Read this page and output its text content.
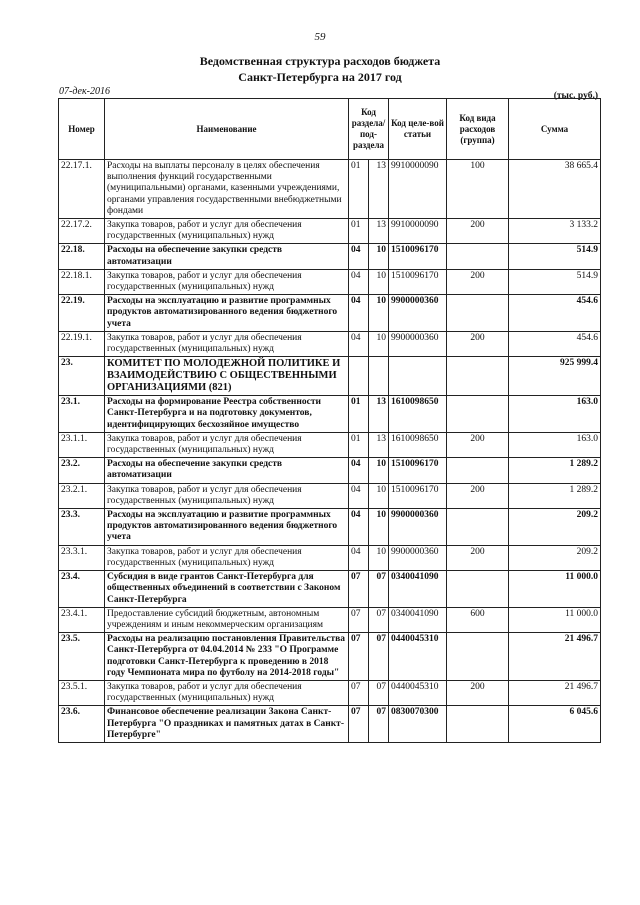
59
Ведомственная структура расходов бюджета
Санкт-Петербурга на 2017 год
07-дек-2016	(тыс. руб.)
Номер	Наименование	Код раздела/ под-раздела		Код целе-вой статьи	Код вида расходов (группа)	Сумма
22.17.1.	Расходы на выплаты персоналу в целях обеспечения выполнения функций государственными (муниципальными) органами, казенными учреждениями, органами управления государственными внебюджетными фондами	01	13	9910000090	100	38 665.4
22.17.2.	Закупка товаров, работ и услуг для обеспечения государственных (муниципальных) нужд	01	13	9910000090	200	3 133.2
22.18.	Расходы на обеспечение закупки средств автоматизации	04	10	1510096170		514.9
22.18.1.	Закупка товаров, работ и услуг для обеспечения государственных (муниципальных) нужд	04	10	1510096170	200	514.9
22.19.	Расходы на эксплуатацию и развитие программных продуктов автоматизированного ведения бюджетного учета	04	10	9900000360		454.6
22.19.1.	Закупка товаров, работ и услуг для обеспечения государственных (муниципальных) нужд	04	10	9900000360	200	454.6
23.	КОМИТЕТ ПО МОЛОДЕЖНОЙ ПОЛИТИКЕ И ВЗАИМОДЕЙСТВИЮ С ОБЩЕСТВЕННЫМИ ОРГАНИЗАЦИЯМИ (821)					925 999.4
23.1.	Расходы на формирование Реестра собственности Санкт-Петербурга и на подготовку документов, идентифицирующих бесхозяйное имущество	01	13	1610098650		163.0
23.1.1.	Закупка товаров, работ и услуг для обеспечения государственных (муниципальных) нужд	01	13	1610098650	200	163.0
23.2.	Расходы на обеспечение закупки средств автоматизации	04	10	1510096170		1 289.2
23.2.1.	Закупка товаров, работ и услуг для обеспечения государственных (муниципальных) нужд	04	10	1510096170	200	1 289.2
23.3.	Расходы на эксплуатацию и развитие программных продуктов автоматизированного ведения бюджетного учета	04	10	9900000360		209.2
23.3.1.	Закупка товаров, работ и услуг для обеспечения государственных (муниципальных) нужд	04	10	9900000360	200	209.2
23.4.	Субсидия в виде грантов Санкт-Петербурга для общественных объединений в соответствии с Законом Санкт-Петербурга	07	07	0340041090		11 000.0
23.4.1.	Предоставление субсидий бюджетным, автономным учреждениям и иным некоммерческим организациям	07	07	0340041090	600	11 000.0
23.5.	Расходы на реализацию постановления Правительства Санкт-Петербурга от 04.04.2014 № 233 "О Программе подготовки Санкт-Петербурга к проведению в 2018 году Чемпионата мира по футболу на 2014-2018 годы"	07	07	0440045310		21 496.7
23.5.1.	Закупка товаров, работ и услуг для обеспечения государственных (муниципальных) нужд	07	07	0440045310	200	21 496.7
23.6.	Финансовое обеспечение реализации Закона Санкт-Петербурга "О праздниках и памятных датах в Санкт-Петербурге"	07	07	0830070300		6 045.6
